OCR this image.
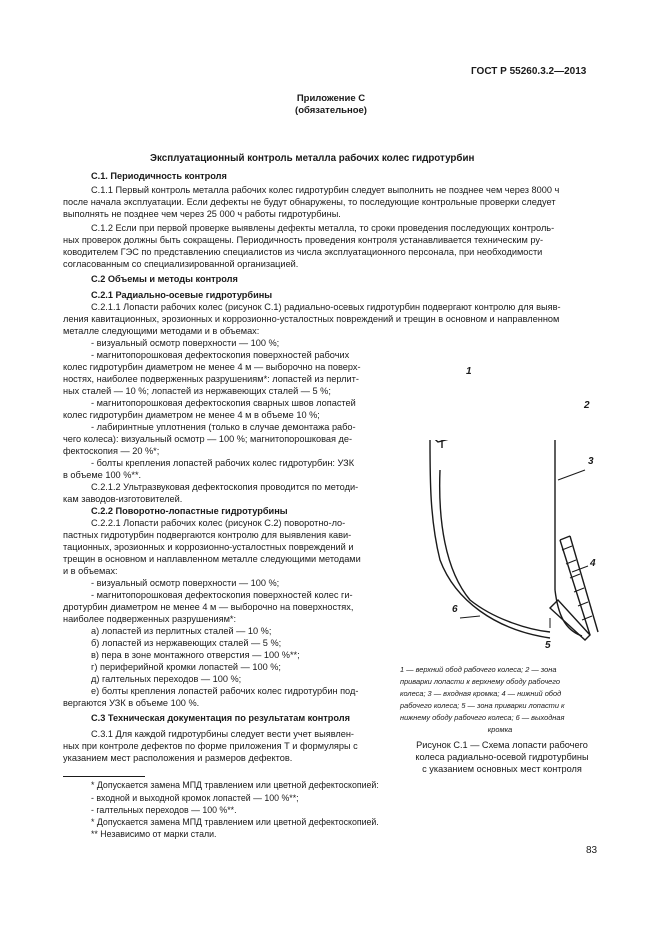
ГОСТ Р 55260.3.2—2013
Приложение С
(обязательное)
Эксплуатационный контроль металла рабочих колес гидротурбин
С.1. Периодичность контроля
С.1.1 Первый контроль металла рабочих колес гидротурбин следует выполнить не позднее чем через 8000 ч
после начала эксплуатации. Если дефекты не будут обнаружены, то последующие контрольные проверки следует
выполнять не позднее чем через 25 000 ч работы гидротурбины.
С.1.2 Если при первой проверке выявлены дефекты металла, то сроки проведения последующих контроль-
ных проверок должны быть сокращены. Периодичность проведения контроля устанавливается техническим ру-
ководителем ГЭС по представлению специалистов из числа эксплуатационного персонала, при необходимости
согласованным со специализированной организацией.
С.2 Объемы и методы контроля
С.2.1 Радиально-осевые гидротурбины
С.2.1.1 Лопасти рабочих колес (рисунок С.1) радиально-осевых гидротурбин подвергают контролю для выяв-
ления кавитационных, эрозионных и коррозионно-усталостных повреждений и трещин в основном и направленном
металле следующими методами и в объемах:
- визуальный осмотр поверхности — 100 %;
- магнитопорошковая дефектоскопия поверхностей рабочих
колес гидротурбин диаметром не менее 4 м — выборочно на поверх-
ностях, наиболее подверженных разрушениям*: лопастей из перлит-
ных сталей — 10 %; лопастей из нержавеющих сталей — 5 %;
- магнитопорошковая дефектоскопия сварных швов лопастей
колес гидротурбин диаметром не менее 4 м в объеме 10 %;
- лабиринтные уплотнения (только в случае демонтажа рабо-
чего колеса): визуальный осмотр — 100 %; магнитопорошковая де-
фектоскопия — 20 %*;
- болты крепления лопастей рабочих колес гидротурбин: УЗК
в объеме 100 %**.
С.2.1.2 Ультразвуковая дефектоскопия проводится по методи-
кам заводов-изготовителей.
С.2.2 Поворотно-лопастные гидротурбины
С.2.2.1 Лопасти рабочих колес (рисунок С.2) поворотно-ло-
пастных гидротурбин подвергаются контролю для выявления кави-
тационных, эрозионных и коррозионно-усталостных повреждений и
трещин в основном и наплавленном металле следующими методами
и в объемах:
- визуальный осмотр поверхности — 100 %;
- магнитопорошковая дефектоскопия поверхностей колес ги-
дротурбин диаметром не менее 4 м — выборочно на поверхностях,
наиболее подверженных разрушениям*:
а) лопастей из перлитных сталей — 10 %;
б) лопастей из нержавеющих сталей — 5 %;
в) пера в зоне монтажного отверстия — 100 %**;
г) периферийной кромки лопастей — 100 %;
д) галтельных переходов — 100 %;
е) болты крепления лопастей рабочих колес гидротурбин под-
вергаются УЗК в объеме 100 %.
С.3 Техническая документация по результатам контроля
С.3.1 Для каждой гидротурбины следует вести учет выявлен-
ных при контроле дефектов по форме приложения Т и формуляры с
указанием мест расположения и размеров дефектов.
1
2
3
4
5
6
1 — верхний обод рабочего колеса; 2 — зона
приварки лопасти к верхнему ободу рабочего
колеса; 3 — входная кромка; 4 — нижний обод
рабочего колеса; 5 — зона приварки лопасти к
нижнему ободу рабочего колеса; 6 — выходная
кромка
Рисунок С.1 — Схема лопасти рабочего
колеса радиально-осевой гидротурбины
с указанием основных мест контроля
* Допускается замена МПД травлением или цветной дефектоскопией:
- входной и выходной кромок лопастей — 100 %**;
- галтельных переходов — 100 %**.
* Допускается замена МПД травлением или цветной дефектоскопией.
** Независимо от марки стали.
83
